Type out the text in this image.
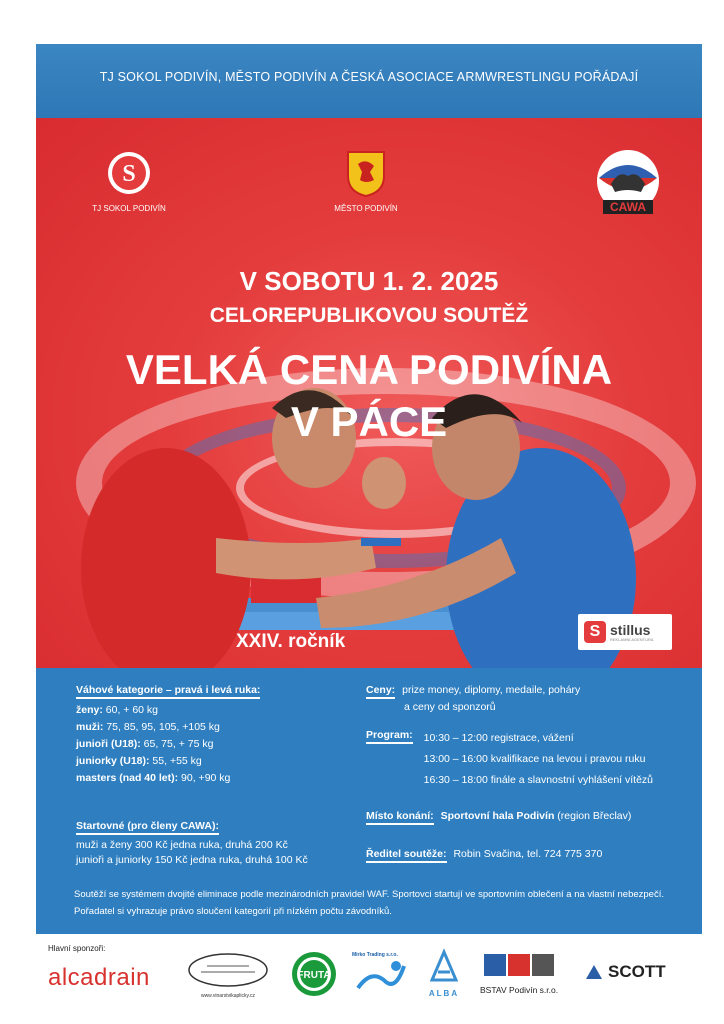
TJ SOKOL PODIVÍN, MĚSTO PODIVÍN A ČESKÁ ASOCIACE ARMWRESTLINGU POŘÁDAJÍ
S
TJ SOKOL PODIVÍN	MĚSTO PODIVÍN	CAWA
V SOBOTU 1. 2. 2025
CELOREPUBLIKOVOU SOUTĚŽ
VELKÁ CENA PODIVÍNA
V PÁCE
XXIV. ročník	S stillus
REKLAMNÍ AGENTURA
Váhové kategorie – pravá i levá ruka:
ženy: 60, + 60 kg
muži: 75, 85, 95, 105, +105 kg
junioři (U18): 65, 75, + 75 kg
juniorky (U18): 55, +55 kg
masters (nad 40 let): 90, +90 kg
Startovné (pro členy CAWA):
muži a ženy 300 Kč jedna ruka, druhá 200 Kč
junioři a juniorky 150 Kč jedna ruka, druhá 100 Kč
Ceny: prize money, diplomy, medaile, poháry
a ceny od sponzorů
Program: 10:30 – 12:00 registrace, vážení
13:00 – 16:00 kvalifikace na levou i pravou ruku
16:30 – 18:00 finále a slavnostní vyhlášení vítězů
Místo konání: Sportovní hala Podivín (region Břeclav)
Ředitel soutěže: Robin Svačina, tel. 724 775 370
Soutěží se systémem dvojité eliminace podle mezinárodních pravidel WAF. Sportovci startují ve sportovním oblečení a na vlastní nebezpečí.
Pořadatel si vyhrazuje právo sloučení kategorií při nízkém počtu závodníků.
Hlavní sponzoři:
alcadrain
www.vinarstvikaplicky.cz
FRUTA
Mirko Trading s.r.o.
ALBA	BSTAV Podivín s.r.o.
SCOTT
